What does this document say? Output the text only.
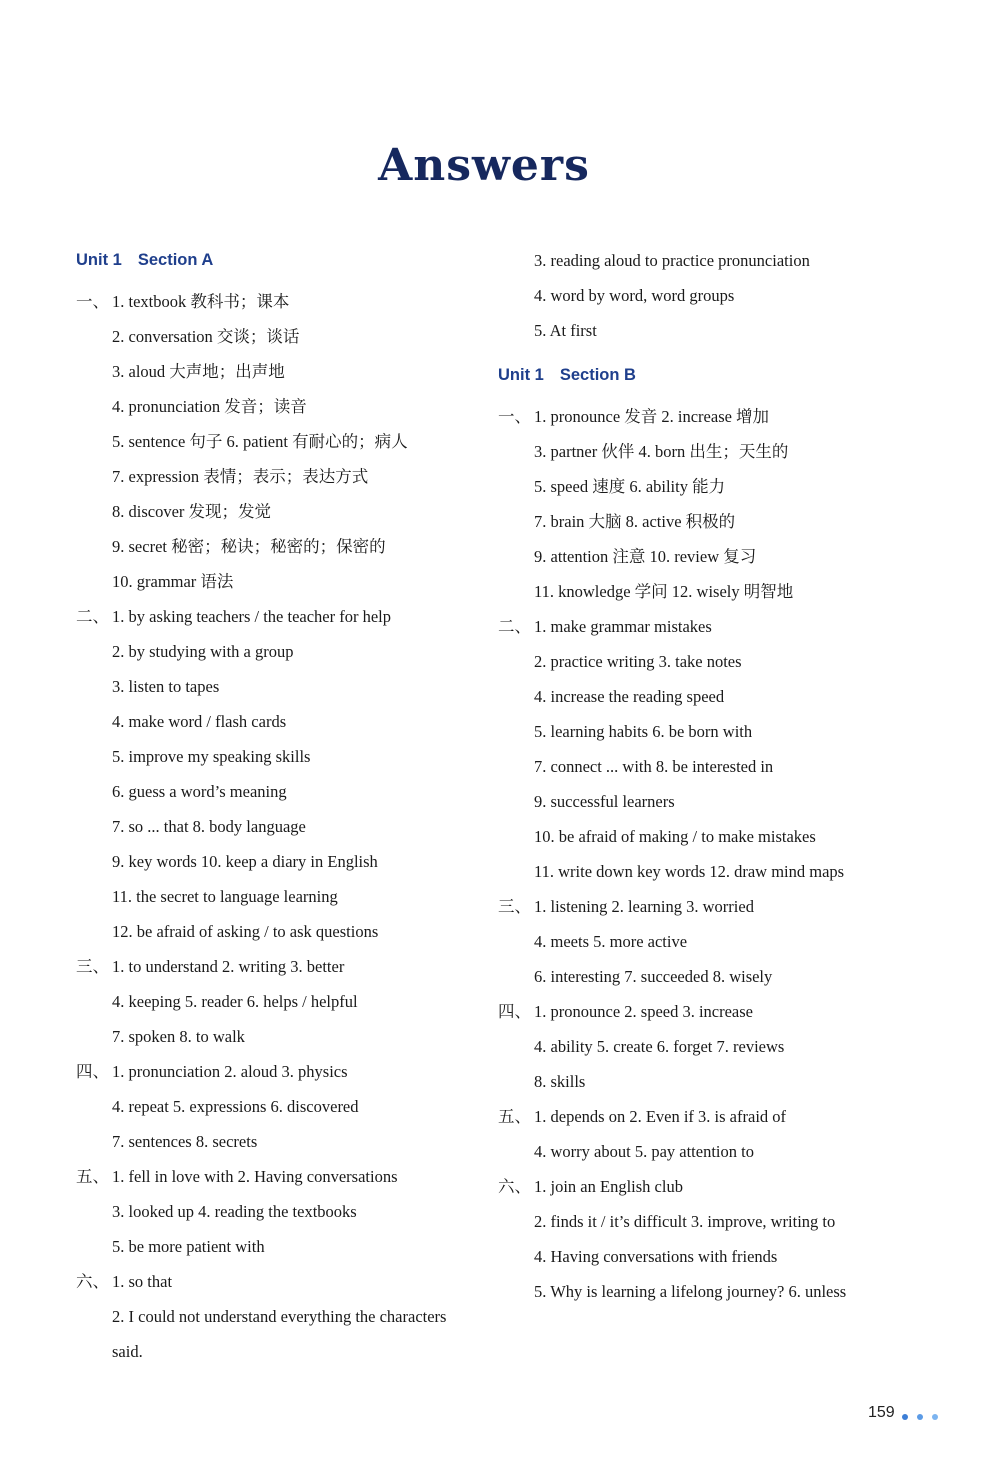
Answers
Unit 1 Section A
一、 1. textbook 教科书；课本
2. conversation 交谈；谈话
3. aloud 大声地；出声地
4. pronunciation 发音；读音
5. sentence 句子 6. patient 有耐心的；病人
7. expression 表情；表示；表达方式
8. discover 发现；发觉
9. secret 秘密；秘诀；秘密的；保密的
10. grammar 语法
二、 1. by asking teachers / the teacher for help
2. by studying with a group
3. listen to tapes
4. make word / flash cards
5. improve my speaking skills
6. guess a word’s meaning
7. so ... that 8. body language
9. key words 10. keep a diary in English
11. the secret to language learning
12. be afraid of asking / to ask questions
三、 1. to understand 2. writing 3. better
4. keeping 5. reader 6. helps / helpful
7. spoken 8. to walk
四、 1. pronunciation 2. aloud 3. physics
4. repeat 5. expressions 6. discovered
7. sentences 8. secrets
五、 1. fell in love with 2. Having conversations
3. looked up 4. reading the textbooks
5. be more patient with
六、 1. so that
2. I could not understand everything the characters
said.
3. reading aloud to practice pronunciation
4. word by word, word groups
5. At first
Unit 1 Section B
一、 1. pronounce 发音 2. increase 增加
3. partner 伙伴 4. born 出生；天生的
5. speed 速度 6. ability 能力
7. brain 大脑 8. active 积极的
9. attention 注意 10. review 复习
11. knowledge 学问 12. wisely 明智地
二、 1. make grammar mistakes
2. practice writing 3. take notes
4. increase the reading speed
5. learning habits 6. be born with
7. connect ... with 8. be interested in
9. successful learners
10. be afraid of making / to make mistakes
11. write down key words 12. draw mind maps
三、 1. listening 2. learning 3. worried
4. meets 5. more active
6. interesting 7. succeeded 8. wisely
四、 1. pronounce 2. speed 3. increase
4. ability 5. create 6. forget 7. reviews
8. skills
五、 1. depends on 2. Even if 3. is afraid of
4. worry about 5. pay attention to
六、 1. join an English club
2. finds it / it’s difficult 3. improve, writing to
4. Having conversations with friends
5. Why is learning a lifelong journey? 6. unless
159
